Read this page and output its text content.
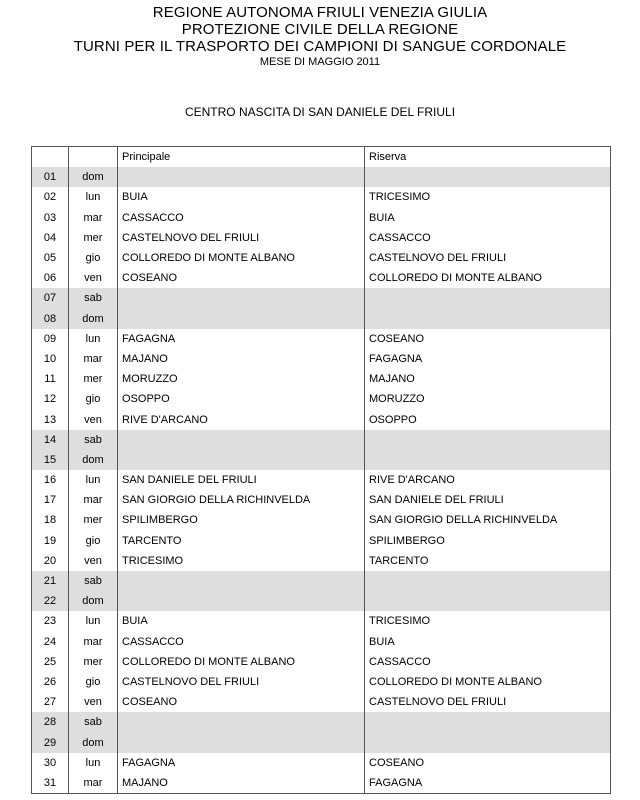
REGIONE AUTONOMA FRIULI VENEZIA GIULIA
PROTEZIONE CIVILE DELLA REGIONE
TURNI PER IL TRASPORTO DEI CAMPIONI DI SANGUE CORDONALE
MESE DI MAGGIO 2011
CENTRO NASCITA DI SAN DANIELE DEL FRIULI
		Principale	Riserva
01	dom		
02	lun	BUIA	TRICESIMO
03	mar	CASSACCO	BUIA
04	mer	CASTELNOVO DEL FRIULI	CASSACCO
05	gio	COLLOREDO DI MONTE ALBANO	CASTELNOVO DEL FRIULI
06	ven	COSEANO	COLLOREDO DI MONTE ALBANO
07	sab		
08	dom		
09	lun	FAGAGNA	COSEANO
10	mar	MAJANO	FAGAGNA
11	mer	MORUZZO	MAJANO
12	gio	OSOPPO	MORUZZO
13	ven	RIVE D'ARCANO	OSOPPO
14	sab		
15	dom		
16	lun	SAN DANIELE DEL FRIULI	RIVE D'ARCANO
17	mar	SAN GIORGIO DELLA RICHINVELDA	SAN DANIELE DEL FRIULI
18	mer	SPILIMBERGO	SAN GIORGIO DELLA RICHINVELDA
19	gio	TARCENTO	SPILIMBERGO
20	ven	TRICESIMO	TARCENTO
21	sab		
22	dom		
23	lun	BUIA	TRICESIMO
24	mar	CASSACCO	BUIA
25	mer	COLLOREDO DI MONTE ALBANO	CASSACCO
26	gio	CASTELNOVO DEL FRIULI	COLLOREDO DI MONTE ALBANO
27	ven	COSEANO	CASTELNOVO DEL FRIULI
28	sab		
29	dom		
30	lun	FAGAGNA	COSEANO
31	mar	MAJANO	FAGAGNA
